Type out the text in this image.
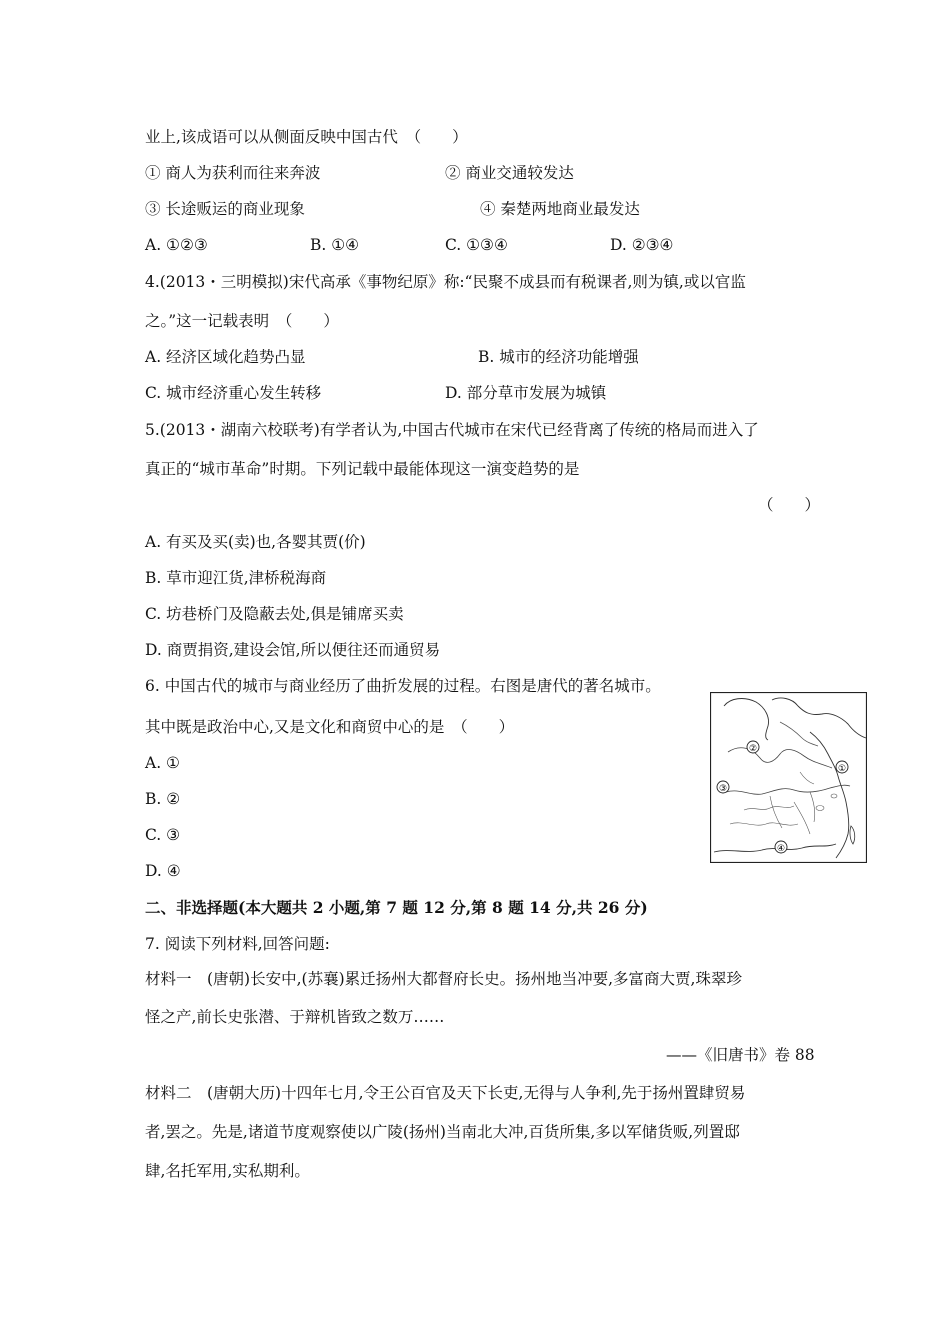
业上,该成语可以从侧面反映中国古代　（　　）
① 商人为获利而往来奔波	② 商业交通较发达
③ 长途贩运的商业现象	④ 秦楚两地商业最发达
A. ①②③	B. ①④	C. ①③④	D. ②③④
4.(2013・三明模拟)宋代高承《事物纪原》称:“民聚不成县而有税课者,则为镇,或以官监
之。”这一记载表明　（　　）
A. 经济区域化趋势凸显	B. 城市的经济功能增强
C. 城市经济重心发生转移	D. 部分草市发展为城镇
5.(2013・湖南六校联考)有学者认为,中国古代城市在宋代已经背离了传统的格局而进入了
真正的“城市革命”时期。下列记载中最能体现这一演变趋势的是
（　　）
A. 有买及买(卖)也,各婴其贾(价)
B. 草市迎江货,津桥税海商
C. 坊巷桥门及隐蔽去处,俱是铺席买卖
D. 商贾捐资,建设会馆,所以便往还而通贸易
6. 中国古代的城市与商业经历了曲折发展的过程。右图是唐代的著名城市。
其中既是政治中心,又是文化和商贸中心的是　（　　）
A. ①
B. ②
C. ③
D. ④
①
②
③
④
二、非选择题(本大题共 2 小题,第 7 题 12 分,第 8 题 14 分,共 26 分)
7. 阅读下列材料,回答问题:
材料一　(唐朝)长安中,(苏襄)累迁扬州大都督府长史。扬州地当冲要,多富商大贾,珠翠珍
怪之产,前长史张潜、于辩机皆致之数万……
——《旧唐书》卷 88
材料二　(唐朝大历)十四年七月,令王公百官及天下长吏,无得与人争利,先于扬州置肆贸易
者,罢之。先是,诸道节度观察使以广陵(扬州)当南北大冲,百货所集,多以军储货贩,列置邸
肆,名托军用,实私期利。
